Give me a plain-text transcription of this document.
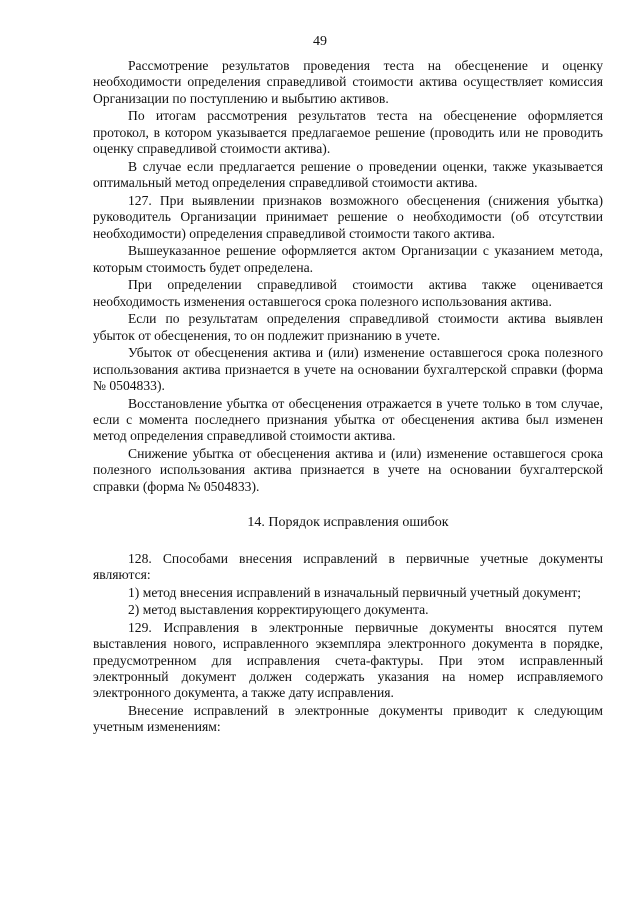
49

Рассмотрение результатов проведения теста на обесценение и оценку необходимости определения справедливой стоимости актива осуществляет комиссия Организации по поступлению и выбытию активов.

По итогам рассмотрения результатов теста на обесценение оформляется протокол, в котором указывается предлагаемое решение (проводить или не проводить оценку справедливой стоимости актива).

В случае если предлагается решение о проведении оценки, также указывается оптимальный метод определения справедливой стоимости актива.

127. При выявлении признаков возможного обесценения (снижения убытка) руководитель Организации принимает решение о необходимости (об отсутствии необходимости) определения справедливой стоимости такого актива.

Вышеуказанное решение оформляется актом Организации с указанием метода, которым стоимость будет определена.

При определении справедливой стоимости актива также оценивается необходимость изменения оставшегося срока полезного использования актива.

Если по результатам определения справедливой стоимости актива выявлен убыток от обесценения, то он подлежит признанию в учете.

Убыток от обесценения актива и (или) изменение оставшегося срока полезного использования актива признается в учете на основании бухгалтерской справки (форма № 0504833).

Восстановление убытка от обесценения отражается в учете только в том случае, если с момента последнего признания убытка от обесценения актива был изменен метод определения справедливой стоимости актива.

Снижение убытка от обесценения актива и (или) изменение оставшегося срока полезного использования актива признается в учете на основании бухгалтерской справки (форма № 0504833).

14. Порядок исправления ошибок

128. Способами внесения исправлений в первичные учетные документы являются:

1) метод внесения исправлений в изначальный первичный учетный документ;

2) метод выставления корректирующего документа.

129. Исправления в электронные первичные документы вносятся путем выставления нового, исправленного экземпляра электронного документа в порядке, предусмотренном для исправления счета-фактуры. При этом исправленный электронный документ должен содержать указания на номер исправляемого электронного документа, а также дату исправления.

Внесение исправлений в электронные документы приводит к следующим учетным изменениям:
